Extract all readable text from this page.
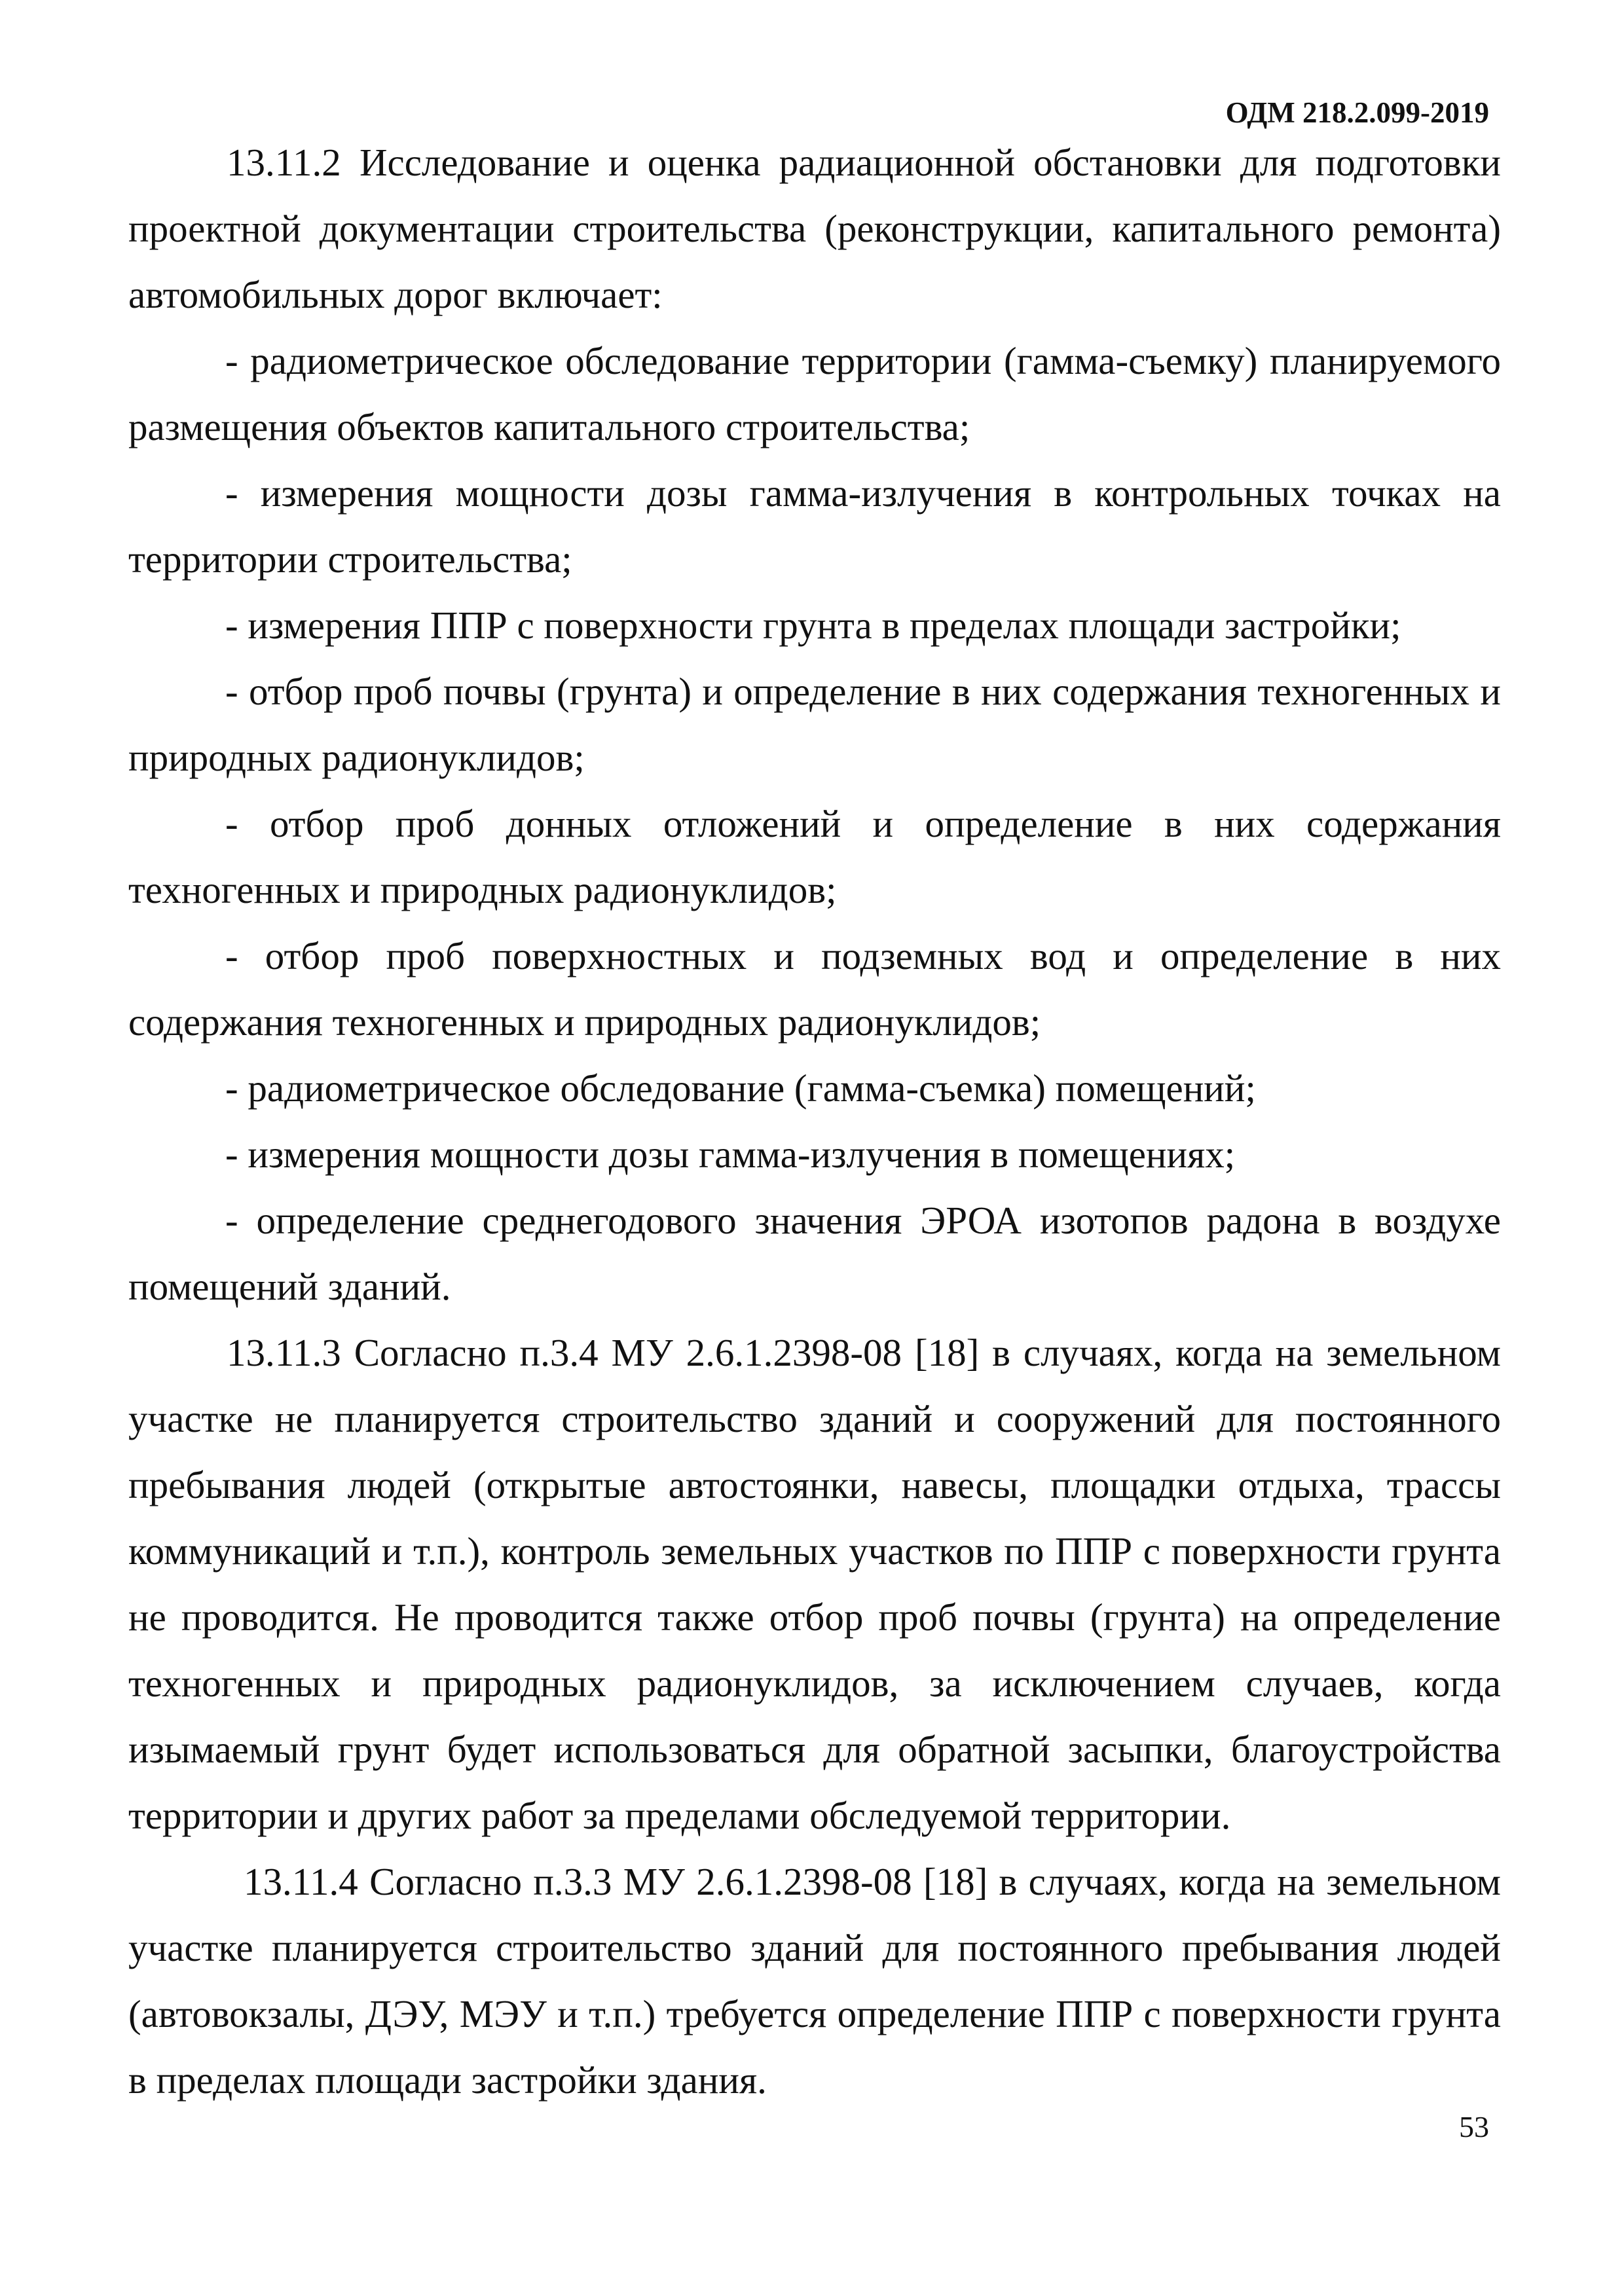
ОДМ 218.2.099-2019

13.11.2 Исследование и оценка радиационной обстановки для подготовки проектной документации строительства (реконструкции, капитального ремонта) автомобильных дорог включает:

- радиометрическое обследование территории (гамма-съемку) планируемого размещения объектов капитального строительства;

- измерения мощности дозы гамма-излучения в контрольных точках на территории строительства;

- измерения ППР с поверхности грунта в пределах площади застройки;

- отбор проб почвы (грунта) и определение в них содержания техногенных и природных радионуклидов;

- отбор проб донных отложений и определение в них содержания техногенных и природных радионуклидов;

- отбор проб поверхностных и подземных вод и определение в них содержания техногенных и природных радионуклидов;

- радиометрическое обследование (гамма-съемка) помещений;

- измерения мощности дозы гамма-излучения в помещениях;

- определение среднегодового значения ЭРОА изотопов радона в воздухе помещений зданий.

13.11.3 Согласно п.3.4 МУ 2.6.1.2398-08 [18] в случаях, когда на земельном участке не планируется строительство зданий и сооружений для постоянного пребывания людей (открытые автостоянки, навесы, площадки отдыха, трассы коммуникаций и т.п.), контроль земельных участков по ППР с поверхности грунта не проводится. Не проводится также отбор проб почвы (грунта) на определение техногенных и природных радионуклидов, за исключением случаев, когда изымаемый грунт будет использоваться для обратной засыпки, благоустройства территории и других работ за пределами обследуемой территории.

13.11.4 Согласно п.3.3 МУ 2.6.1.2398-08 [18] в случаях, когда на земельном участке планируется строительство зданий для постоянного пребывания людей (автовокзалы, ДЭУ, МЭУ и т.п.) требуется определение ППР с поверхности грунта в пределах площади застройки здания.

53
